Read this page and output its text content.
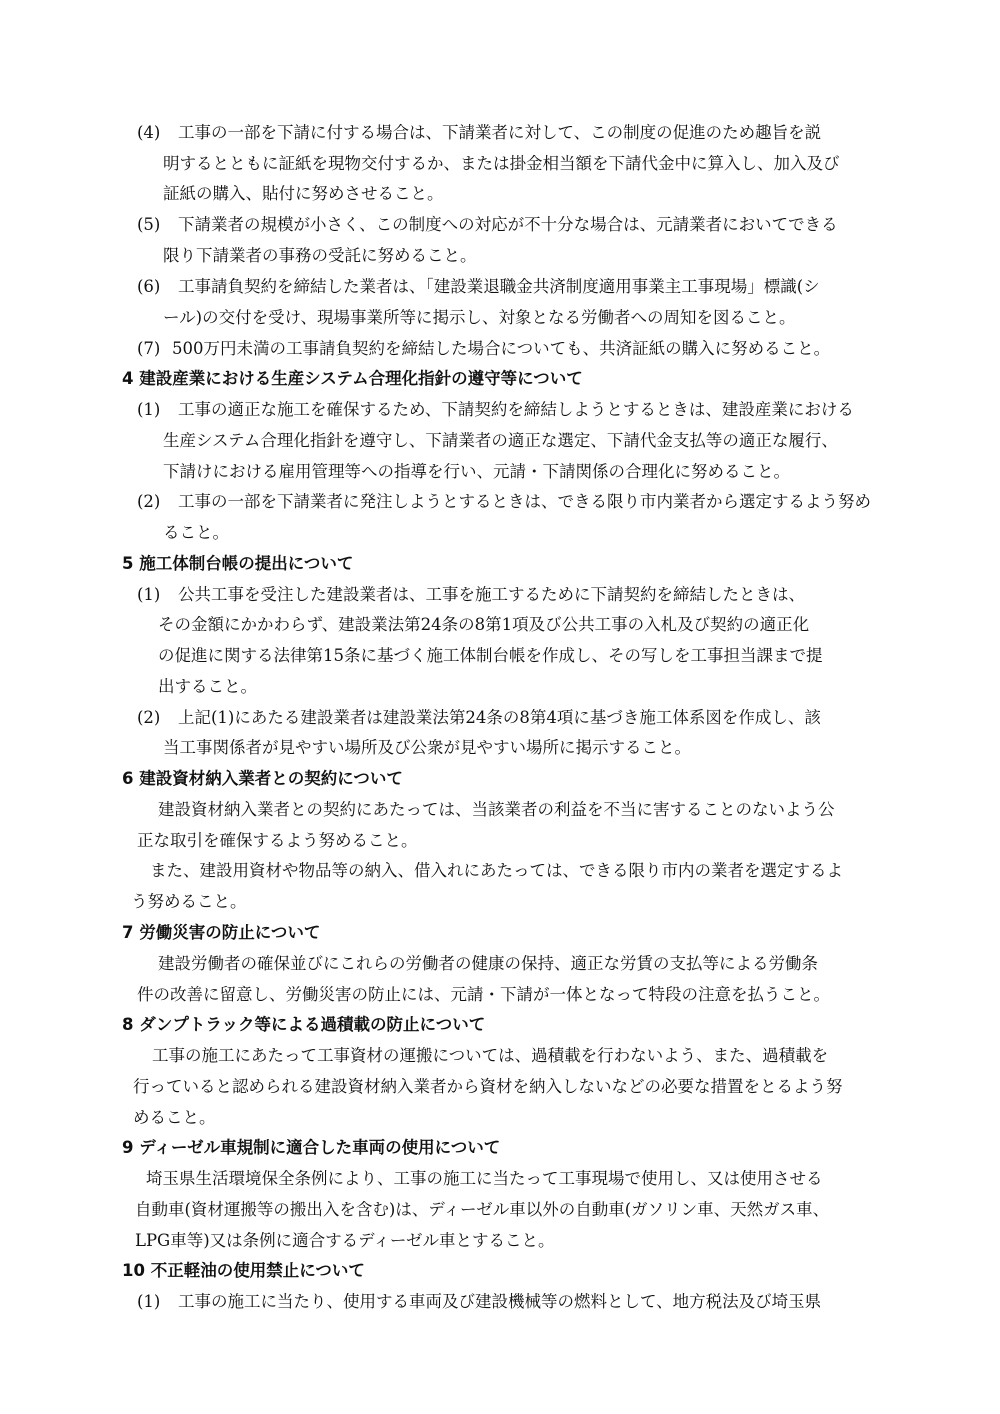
(4) 工事の一部を下請に付する場合は、下請業者に対して、この制度の促進のため趣旨を説
明するとともに証紙を現物交付するか、または掛金相当額を下請代金中に算入し、加入及び
証紙の購入、貼付に努めさせること。
(5) 下請業者の規模が小さく、この制度への対応が不十分な場合は、元請業者においてできる
限り下請業者の事務の受託に努めること。
(6) 工事請負契約を締結した業者は、「建設業退職金共済制度適用事業主工事現場」標識(シ
ール)の交付を受け、現場事業所等に掲示し、対象となる労働者への周知を図ること。
(7) 500万円未満の工事請負契約を締結した場合についても、共済証紙の購入に努めること。
4 建設産業における生産システム合理化指針の遵守等について
(1) 工事の適正な施工を確保するため、下請契約を締結しようとするときは、建設産業における
生産システム合理化指針を遵守し、下請業者の適正な選定、下請代金支払等の適正な履行、
下請けにおける雇用管理等への指導を行い、元請・下請関係の合理化に努めること。
(2) 工事の一部を下請業者に発注しようとするときは、できる限り市内業者から選定するよう努め
ること。
5 施工体制台帳の提出について
(1) 公共工事を受注した建設業者は、工事を施工するために下請契約を締結したときは、
その金額にかかわらず、建設業法第24条の8第1項及び公共工事の入札及び契約の適正化
の促進に関する法律第15条に基づく施工体制台帳を作成し、その写しを工事担当課まで提
出すること。
(2) 上記(1)にあたる建設業者は建設業法第24条の8第4項に基づき施工体系図を作成し、該
当工事関係者が見やすい場所及び公衆が見やすい場所に掲示すること。
6 建設資材納入業者との契約について
建設資材納入業者との契約にあたっては、当該業者の利益を不当に害することのないよう公
正な取引を確保するよう努めること。
また、建設用資材や物品等の納入、借入れにあたっては、できる限り市内の業者を選定するよ
う努めること。
7 労働災害の防止について
建設労働者の確保並びにこれらの労働者の健康の保持、適正な労賃の支払等による労働条
件の改善に留意し、労働災害の防止には、元請・下請が一体となって特段の注意を払うこと。
8 ダンプトラック等による過積載の防止について
工事の施工にあたって工事資材の運搬については、過積載を行わないよう、また、過積載を
行っていると認められる建設資材納入業者から資材を納入しないなどの必要な措置をとるよう努
めること。
9 ディーゼル車規制に適合した車両の使用について
埼玉県生活環境保全条例により、工事の施工に当たって工事現場で使用し、又は使用させる
自動車(資材運搬等の搬出入を含む)は、ディーゼル車以外の自動車(ガソリン車、天然ガス車、
LPG車等)又は条例に適合するディーゼル車とすること。
10 不正軽油の使用禁止について
(1) 工事の施工に当たり、使用する車両及び建設機械等の燃料として、地方税法及び埼玉県
